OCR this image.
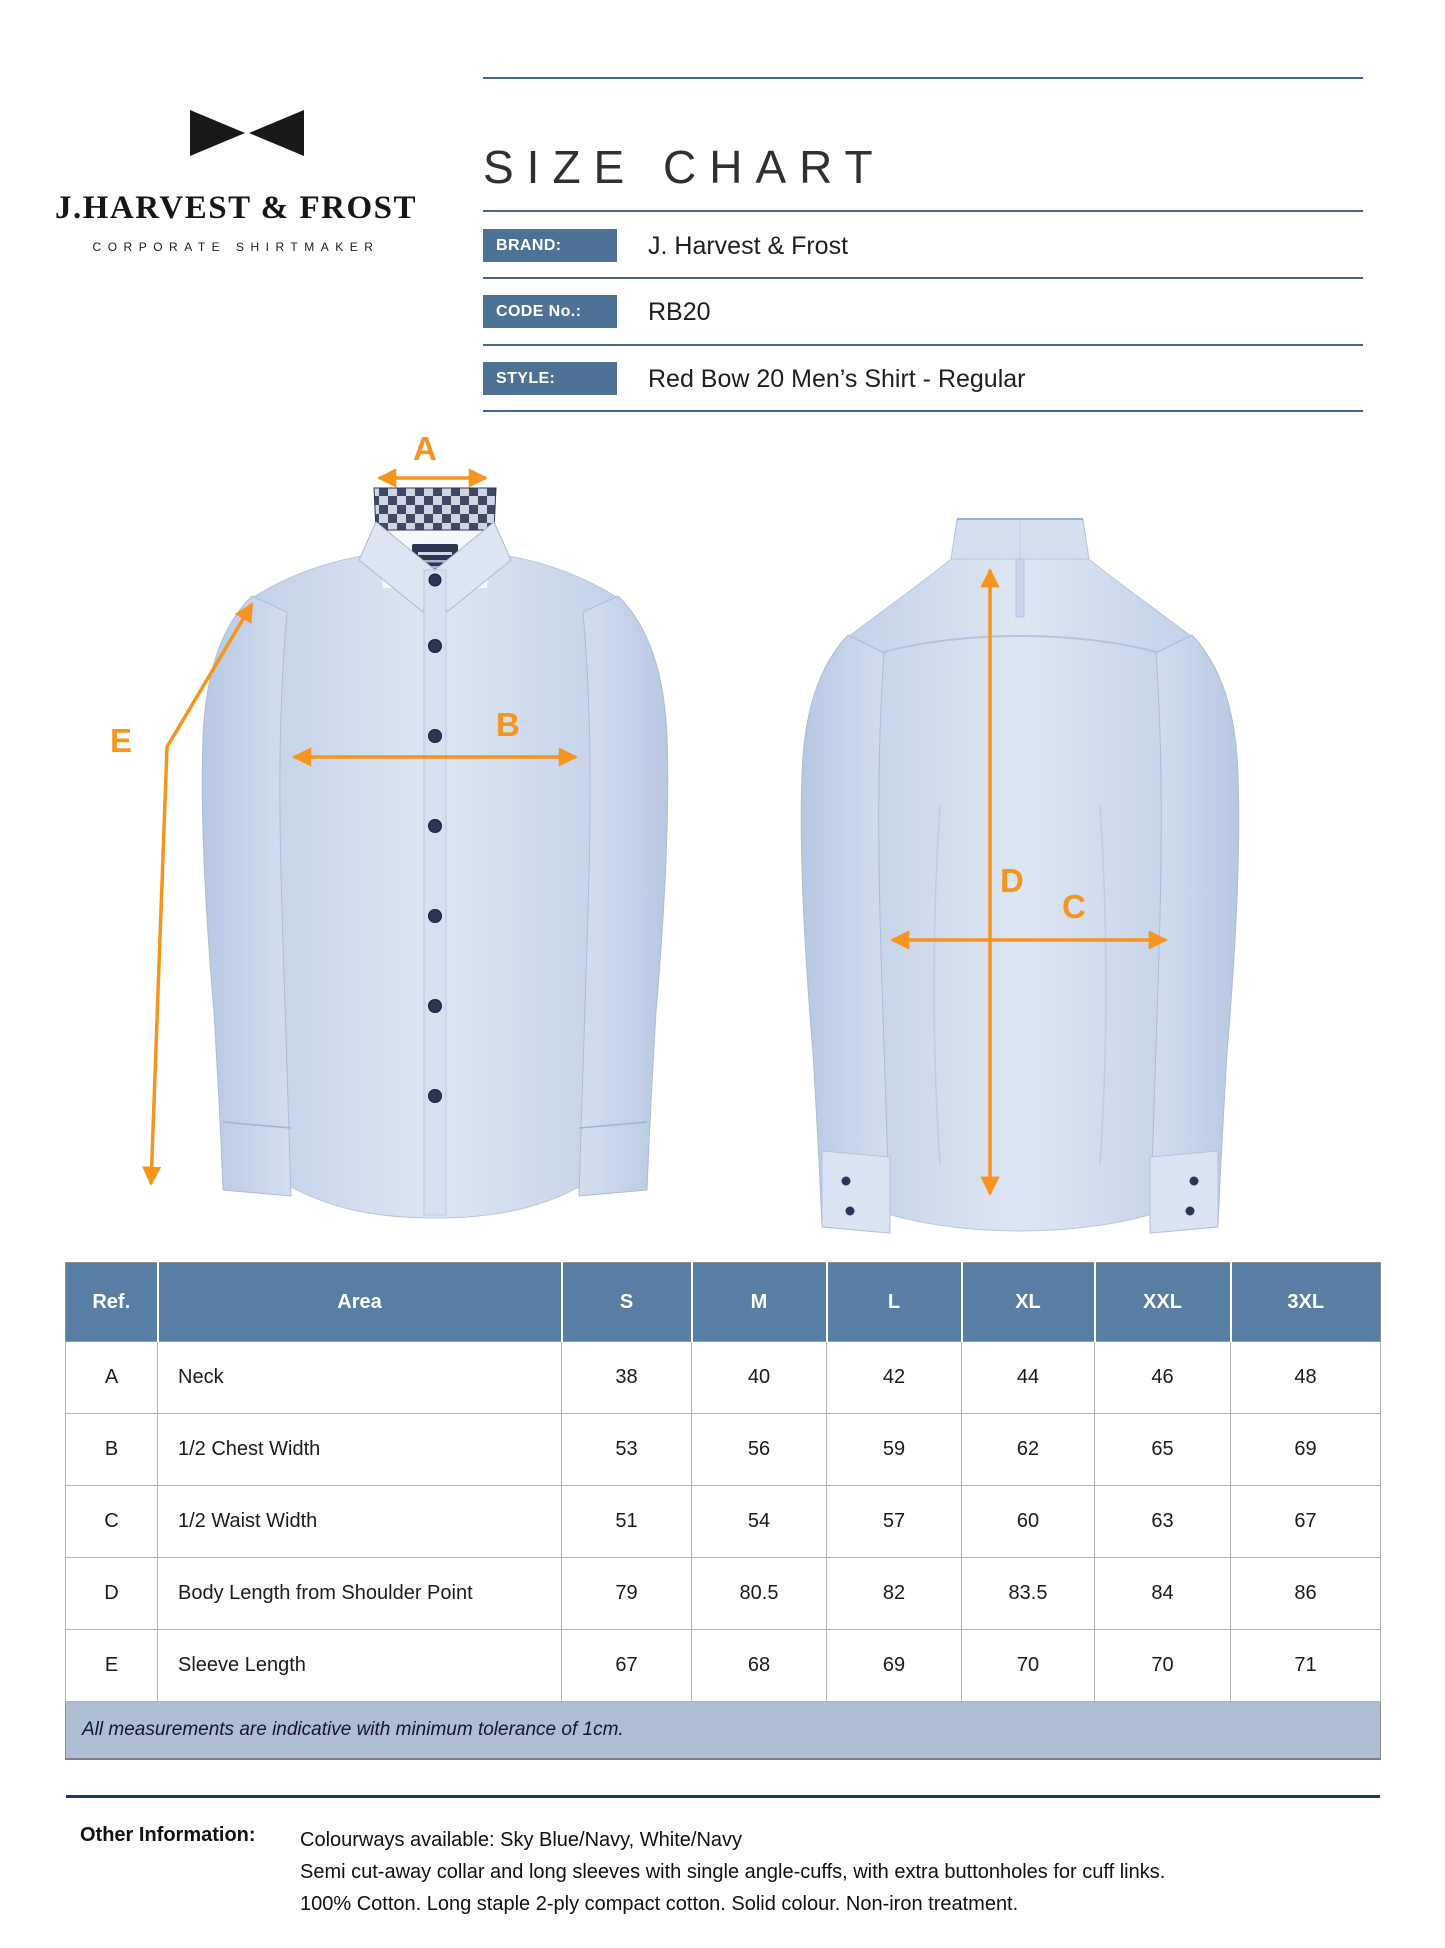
J.HARVEST & FROST
CORPORATE SHIRTMAKER
SIZE CHART
BRAND:	J. Harvest & Frost
CODE No.:	RB20
STYLE:	Red Bow 20 Men’s Shirt - Regular
A
B
C
D
E
Ref.	Area	S	M	L	XL	XXL	3XL
A	Neck	38	40	42	44	46	48
B	1/2 Chest Width	53	56	59	62	65	69
C	1/2 Waist Width	51	54	57	60	63	67
D	Body Length from Shoulder Point	79	80.5	82	83.5	84	86
E	Sleeve Length	67	68	69	70	70	71
All measurements are indicative with minimum tolerance of 1cm.							
Other Information: Colourways available: Sky Blue/Navy, White/Navy
Semi cut-away collar and long sleeves with single angle-cuffs, with extra buttonholes for cuff links.
100% Cotton. Long staple 2-ply compact cotton. Solid colour. Non-iron treatment.
